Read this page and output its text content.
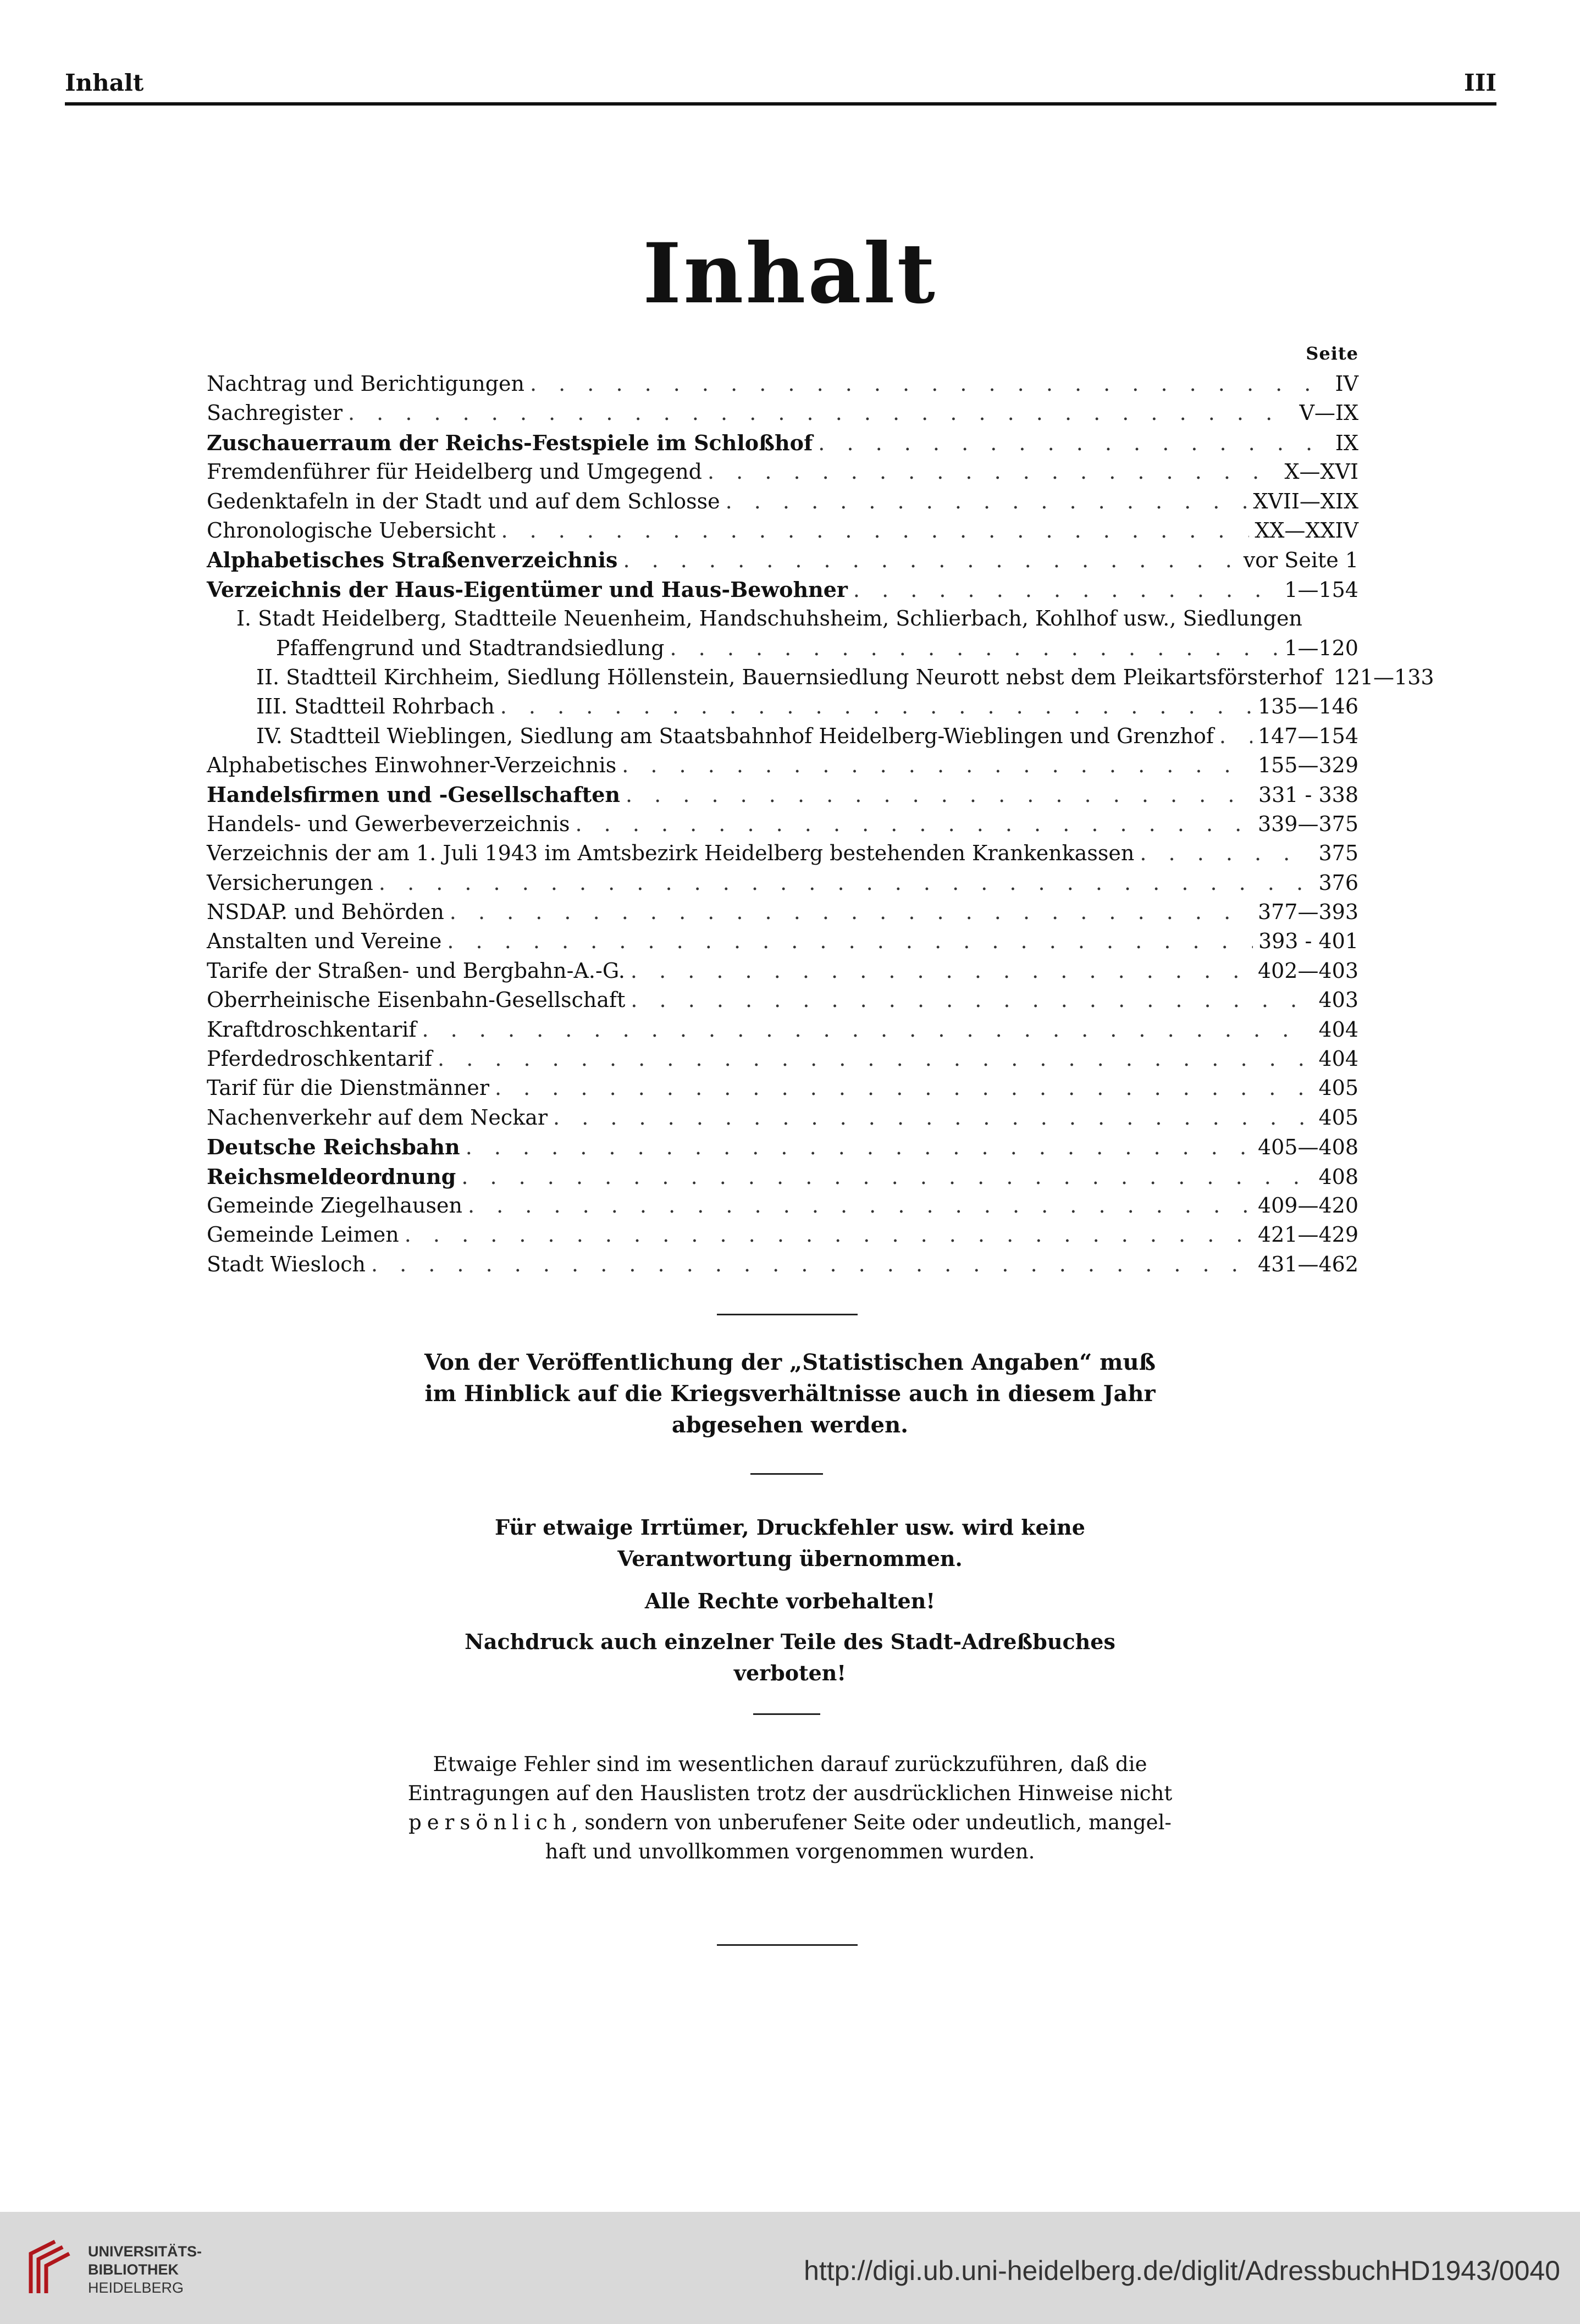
Inhalt	III
Inhalt
Seite
Nachtrag und Berichtigungen . . .	IV
Sachregister . . .	V—IX
Zuschauerraum der Reichs-Festspiele im Schloßhof . . .	IX
Fremdenführer für Heidelberg und Umgegend . . .	X—XVI
Gedenktafeln in der Stadt und auf dem Schlosse . . .	XVII—XIX
Chronologische Uebersicht . . .	XX—XXIV
Alphabetisches Straßenverzeichnis . . .	vor Seite 1
Verzeichnis der Haus-Eigentümer und Haus-Bewohner . . .	1—154
I. Stadt Heidelberg, Stadtteile Neuenheim, Handschuhsheim, Schlierbach, Kohlhof usw., Siedlungen
Pfaffengrund und Stadtrandsiedlung . . .	1—120
II. Stadtteil Kirchheim, Siedlung Höllenstein, Bauernsiedlung Neurott nebst dem Pleikartsförsterhof 121—133
III. Stadtteil Rohrbach . . .	135—146
IV. Stadtteil Wieblingen, Siedlung am Staatsbahnhof Heidelberg-Wieblingen und Grenzhof . . . 147—154
Alphabetisches Einwohner-Verzeichnis . . .	155—329
Handelsfirmen und -Gesellschaften . . .	331 - 338
Handels- und Gewerbeverzeichnis . . .	339—375
Verzeichnis der am 1. Juli 1943 im Amtsbezirk Heidelberg bestehenden Krankenkassen . . .	375
Versicherungen . . .	376
NSDAP. und Behörden . . .	377—393
Anstalten und Vereine . . .	393 - 401
Tarife der Straßen- und Bergbahn-A.-G. . . .	402—403
Oberrheinische Eisenbahn-Gesellschaft . . .	403
Kraftdroschkentarif . . .	404
Pferdedroschkentarif . . .	404
Tarif für die Dienstmänner . . .	405
Nachenverkehr auf dem Neckar . . .	405
Deutsche Reichsbahn . . .	405—408
Reichsmeldeordnung . . .	408
Gemeinde Ziegelhausen . . .	409—420
Gemeinde Leimen . . .	421—429
Stadt Wiesloch . . .	431—462

Von der Veröffentlichung der „Statistischen Angaben“ muß

im Hinblick auf die Kriegsverhältnisse auch in diesem Jahr

abgesehen werden.

Für etwaige Irrtümer, Druckfehler usw. wird keine

Verantwortung übernommen.

Alle Rechte vorbehalten!

Nachdruck auch einzelner Teile des Stadt-Adreßbuches

verboten!

Etwaige Fehler sind im wesentlichen darauf zurückzuführen, daß die

Eintragungen auf den Hauslisten trotz der ausdrücklichen Hinweise nicht

persönlich, sondern von unberufener Seite oder undeutlich, mangel-

haft und unvollkommen vorgenommen wurden.

UNIVERSITÄTS-
BIBLIOTHEK
HEIDELBERG
http://digi.ub.uni-heidelberg.de/diglit/AdressbuchHD1943/0040
